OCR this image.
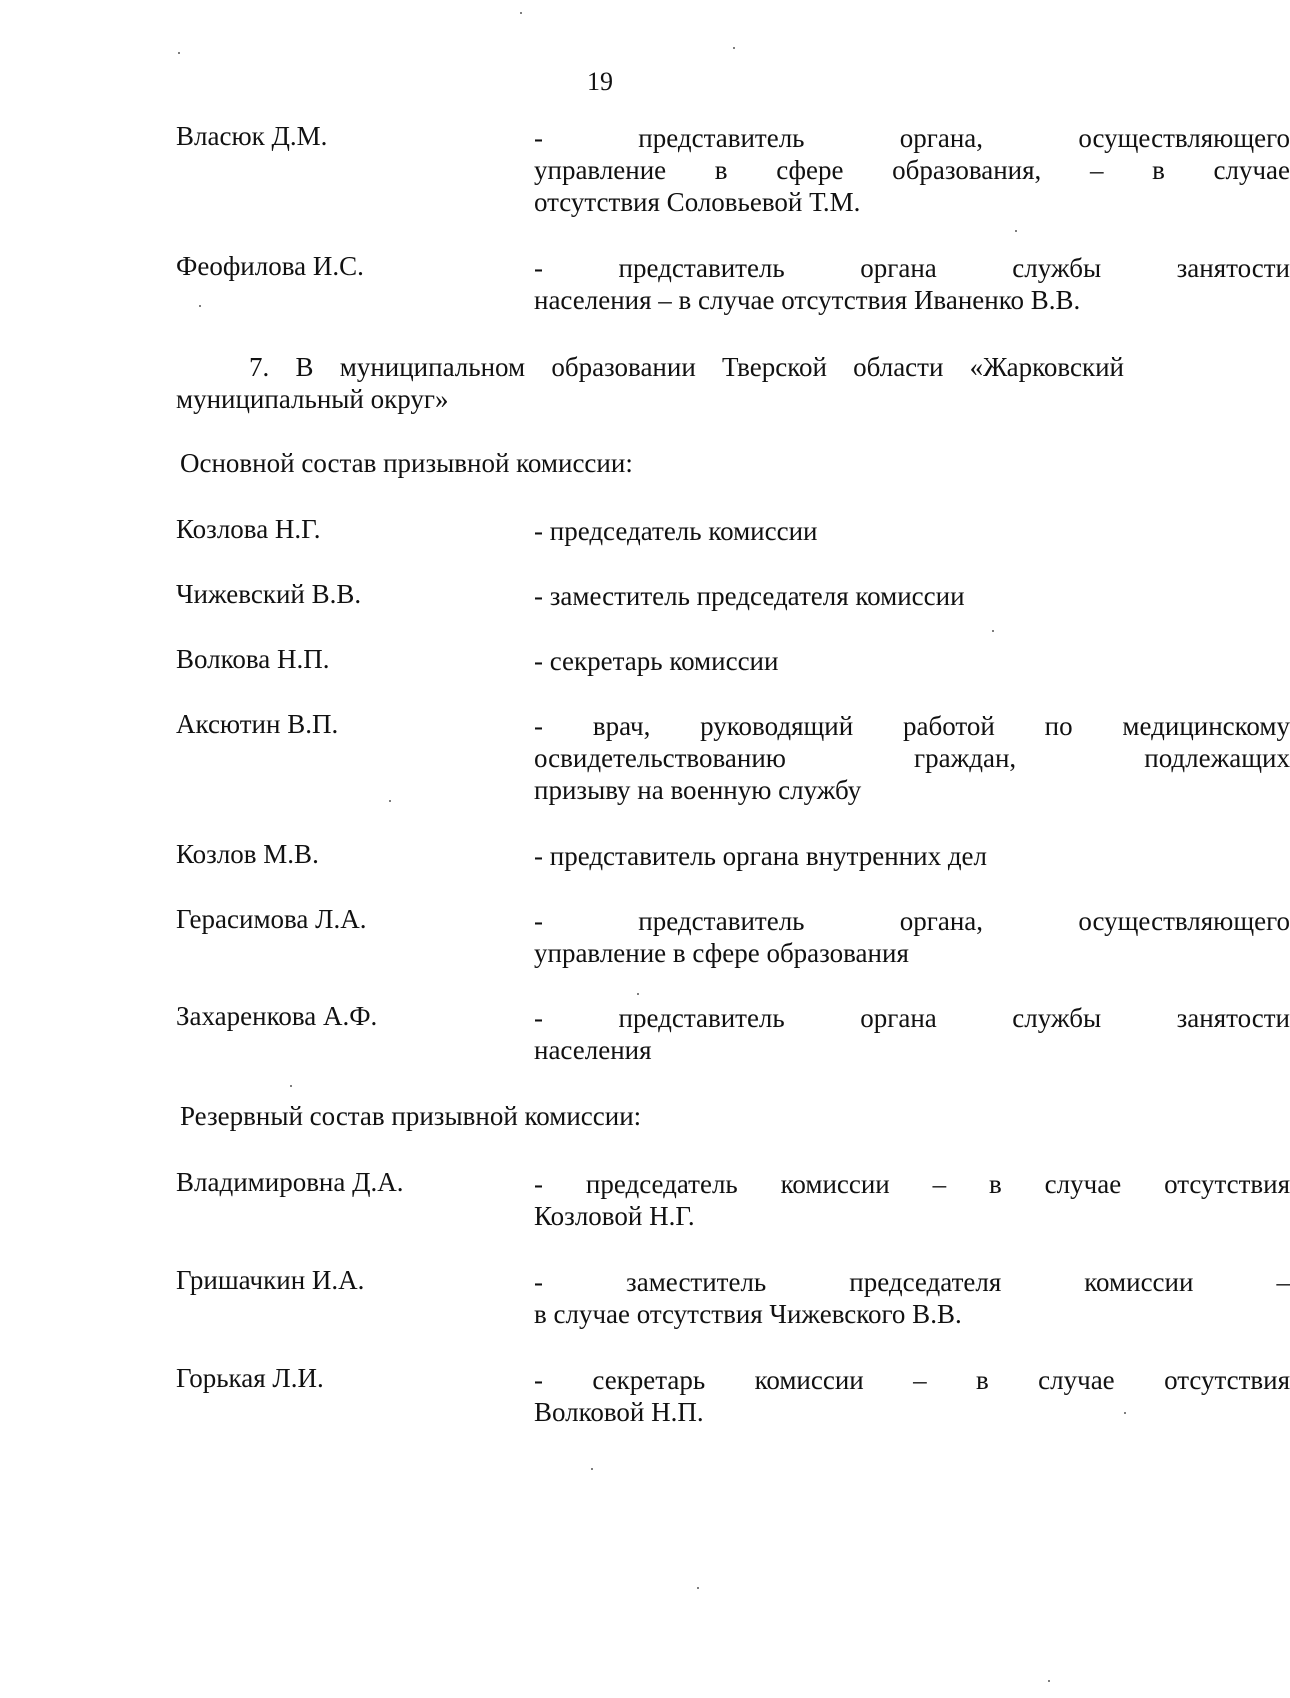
19
Власюк Д.М.	- представитель органа, осуществляющего
управление в сфере образования, – в случае
отсутствия Соловьевой Т.М.
Феофилова И.С.	- представитель органа службы занятости
населения – в случае отсутствия Иваненко В.В.
7. В муниципальном образовании Тверской области «Жарковский
муниципальный округ»
Основной состав призывной комиссии:
Козлова Н.Г.	- председатель комиссии
Чижевский В.В.	- заместитель председателя комиссии
Волкова Н.П.	- секретарь комиссии
Аксютин В.П.	- врач, руководящий работой по медицинскому
освидетельствованию граждан, подлежащих
призыву на военную службу
Козлов М.В.	- представитель органа внутренних дел
Герасимова Л.А.	- представитель органа, осуществляющего
управление в сфере образования
Захаренкова А.Ф.	- представитель органа службы занятости
населения
Резервный состав призывной комиссии:
Владимировна Д.А.	- председатель комиссии – в случае отсутствия
Козловой Н.Г.
Гришачкин И.А.	- заместитель председателя комиссии –
в случае отсутствия Чижевского В.В.
Горькая Л.И.	- секретарь комиссии – в случае отсутствия
Волковой Н.П.
